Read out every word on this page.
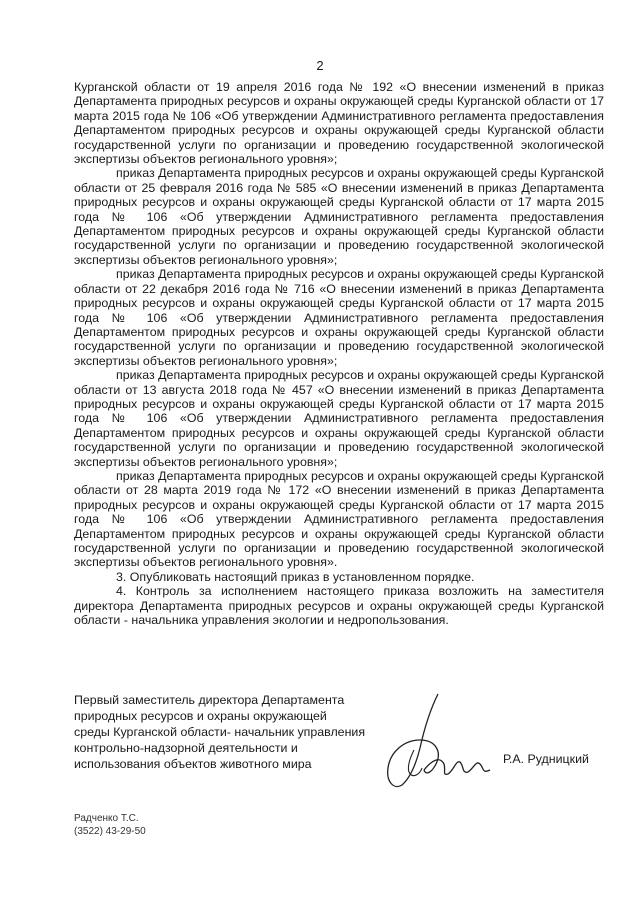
2

Курганской области от 19 апреля 2016 года № 192 «О внесении изменений в приказ Департамента природных ресурсов и охраны окружающей среды Курганской области от 17 марта 2015 года № 106 «Об утверждении Административного регламента предоставления Департаментом природных ресурсов и охраны окружающей среды Курганской области государственной услуги по организации и проведению государственной экологической экспертизы объектов регионального уровня»;

приказ Департамента природных ресурсов и охраны окружающей среды Курганской области от 25 февраля 2016 года № 585 «О внесении изменений в приказ Департамента природных ресурсов и охраны окружающей среды Курганской области от 17 марта 2015 года № 106 «Об утверждении Административного регламента предоставления Департаментом природных ресурсов и охраны окружающей среды Курганской области государственной услуги по организации и проведению государственной экологической экспертизы объектов регионального уровня»;

приказ Департамента природных ресурсов и охраны окружающей среды Курганской области от 22 декабря 2016 года № 716 «О внесении изменений в приказ Департамента природных ресурсов и охраны окружающей среды Курганской области от 17 марта 2015 года № 106 «Об утверждении Административного регламента предоставления Департаментом природных ресурсов и охраны окружающей среды Курганской области государственной услуги по организации и проведению государственной экологической экспертизы объектов регионального уровня»;

приказ Департамента природных ресурсов и охраны окружающей среды Курганской области от 13 августа 2018 года № 457 «О внесении изменений в приказ Департамента природных ресурсов и охраны окружающей среды Курганской области от 17 марта 2015 года № 106 «Об утверждении Административного регламента предоставления Департаментом природных ресурсов и охраны окружающей среды Курганской области государственной услуги по организации и проведению государственной экологической экспертизы объектов регионального уровня»;

приказ Департамента природных ресурсов и охраны окружающей среды Курганской области от 28 марта 2019 года № 172 «О внесении изменений в приказ Департамента природных ресурсов и охраны окружающей среды Курганской области от 17 марта 2015 года № 106 «Об утверждении Административного регламента предоставления Департаментом природных ресурсов и охраны окружающей среды Курганской области государственной услуги по организации и проведению государственной экологической экспертизы объектов регионального уровня».

3. Опубликовать настоящий приказ в установленном порядке.

4. Контроль за исполнением настоящего приказа возложить на заместителя директора Департамента природных ресурсов и охраны окружающей среды Курганской области - начальника управления экологии и недропользования.

Первый заместитель директора Департамента
природных ресурсов и охраны окружающей
среды Курганской области- начальник управления
контрольно-надзорной деятельности и
использования объектов животного мира	Р.А. Рудницкий
Радченко Т.С.
(3522) 43-29-50
